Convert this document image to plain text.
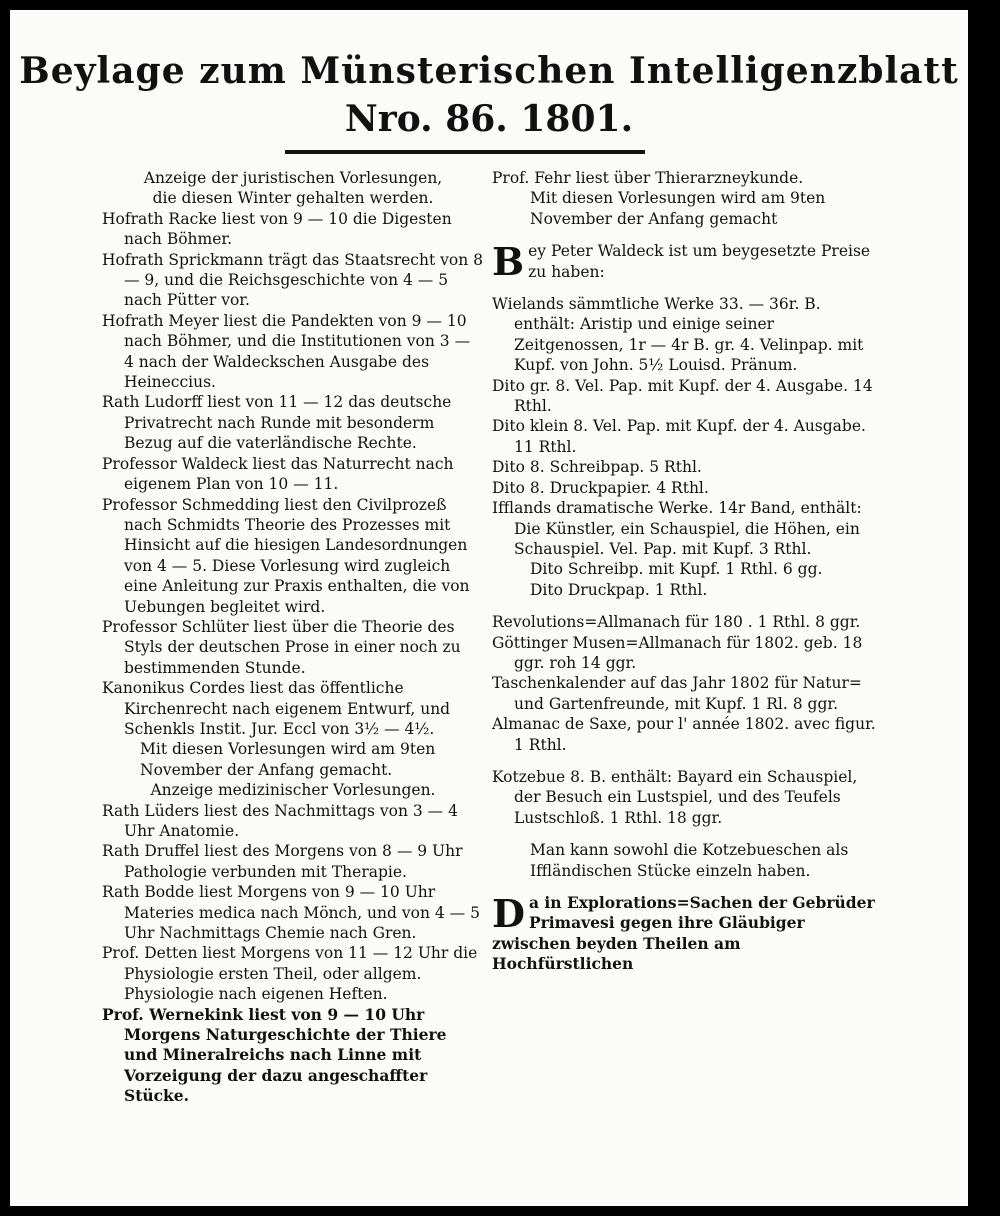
Beylage zum Münsterischen Intelligenzblatt
Nro. 86. 1801.

Anzeige der juristischen Vorlesungen,

die diesen Winter gehalten werden.

Hofrath Racke liest von 9 — 10 die Digesten nach Böhmer.

Hofrath Sprickmann trägt das Staatsrecht von 8 — 9, und die Reichsgeschichte von 4 — 5 nach Pütter vor.

Hofrath Meyer liest die Pandekten von 9 — 10 nach Böhmer, und die Institutionen von 3 — 4 nach der Waldeckschen Ausgabe des Heineccius.

Rath Ludorff liest von 11 — 12 das deutsche Privatrecht nach Runde mit besonderm Bezug auf die vaterländische Rechte.

Professor Waldeck liest das Naturrecht nach eigenem Plan von 10 — 11.

Professor Schmedding liest den Civilprozeß nach Schmidts Theorie des Prozesses mit Hinsicht auf die hiesigen Landesordnungen von 4 — 5. Diese Vorlesung wird zugleich eine Anleitung zur Praxis enthalten, die von Uebungen begleitet wird.

Professor Schlüter liest über die Theorie des Styls der deutschen Prose in einer noch zu bestimmenden Stunde.

Kanonikus Cordes liest das öffentliche Kirchenrecht nach eigenem Entwurf, und Schenkls Instit. Jur. Eccl von 3½ — 4½.

Mit diesen Vorlesungen wird am 9ten November der Anfang gemacht.

Anzeige medizinischer Vorlesungen.

Rath Lüders liest des Nachmittags von 3 — 4 Uhr Anatomie.

Rath Druffel liest des Morgens von 8 — 9 Uhr Pathologie verbunden mit Therapie.

Rath Bodde liest Morgens von 9 — 10 Uhr Materies medica nach Mönch, und von 4 — 5 Uhr Nachmittags Chemie nach Gren.

Prof. Detten liest Morgens von 11 — 12 Uhr die Physiologie ersten Theil, oder allgem. Physiologie nach eigenen Heften.

Prof. Wernekink liest von 9 — 10 Uhr Morgens Naturgeschichte der Thiere und Mineralreichs nach Linne mit Vorzeigung der dazu angeschaffter Stücke.

Prof. Fehr liest über Thierarzneykunde.

Mit diesen Vorlesungen wird am 9ten November der Anfang gemacht

Bey Peter Waldeck ist um beygesetzte Preise zu haben:

Wielands sämmtliche Werke 33. — 36r. B. enthält: Aristip und einige seiner Zeitgenossen, 1r — 4r B. gr. 4. Velinpap. mit Kupf. von John. 5½ Louisd. Pränum.

Dito gr. 8. Vel. Pap. mit Kupf. der 4. Ausgabe. 14 Rthl.

Dito klein 8. Vel. Pap. mit Kupf. der 4. Ausgabe. 11 Rthl.

Dito 8. Schreibpap. 5 Rthl.

Dito 8. Druckpapier. 4 Rthl.

Ifflands dramatische Werke. 14r Band, enthält: Die Künstler, ein Schauspiel, die Höhen, ein Schauspiel. Vel. Pap. mit Kupf. 3 Rthl.

Dito Schreibp. mit Kupf. 1 Rthl. 6 gg.

Dito Druckpap. 1 Rthl.

Revolutions=Allmanach für 180 . 1 Rthl. 8 ggr.

Göttinger Musen=Allmanach für 1802. geb. 18 ggr. roh 14 ggr.

Taschenkalender auf das Jahr 1802 für Natur= und Gartenfreunde, mit Kupf. 1 Rl. 8 ggr.

Almanac de Saxe, pour l' année 1802. avec figur. 1 Rthl.

Kotzebue 8. B. enthält: Bayard ein Schauspiel, der Besuch ein Lustspiel, und des Teufels Lustschloß. 1 Rthl. 18 ggr.

Man kann sowohl die Kotzebueschen als Iffländischen Stücke einzeln haben.

Da in Explorations=Sachen der Gebrüder Primavesi gegen ihre Gläubiger zwischen beyden Theilen am Hochfürstlichen
